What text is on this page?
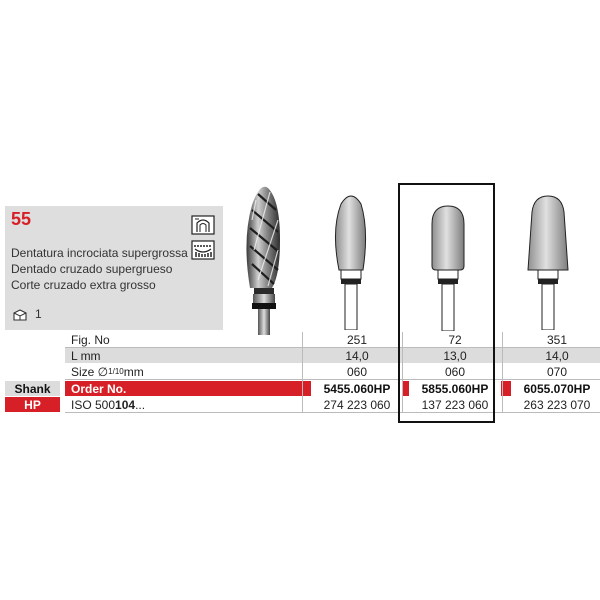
55
Dentatura incrociata supergrossa
Dentado cruzado supergrueso
Corte cruzado extra grosso
1
Fig. No	251	72	351
L mm	14,0	13,0	14,0
Size ∅ 1 /10 mm	060	060	070
Shank	Order No.	5455.060HP	5855.060HP	6055.070HP
HP	ISO 500 104 ...	274 223 060	137 223 060	263 223 070
